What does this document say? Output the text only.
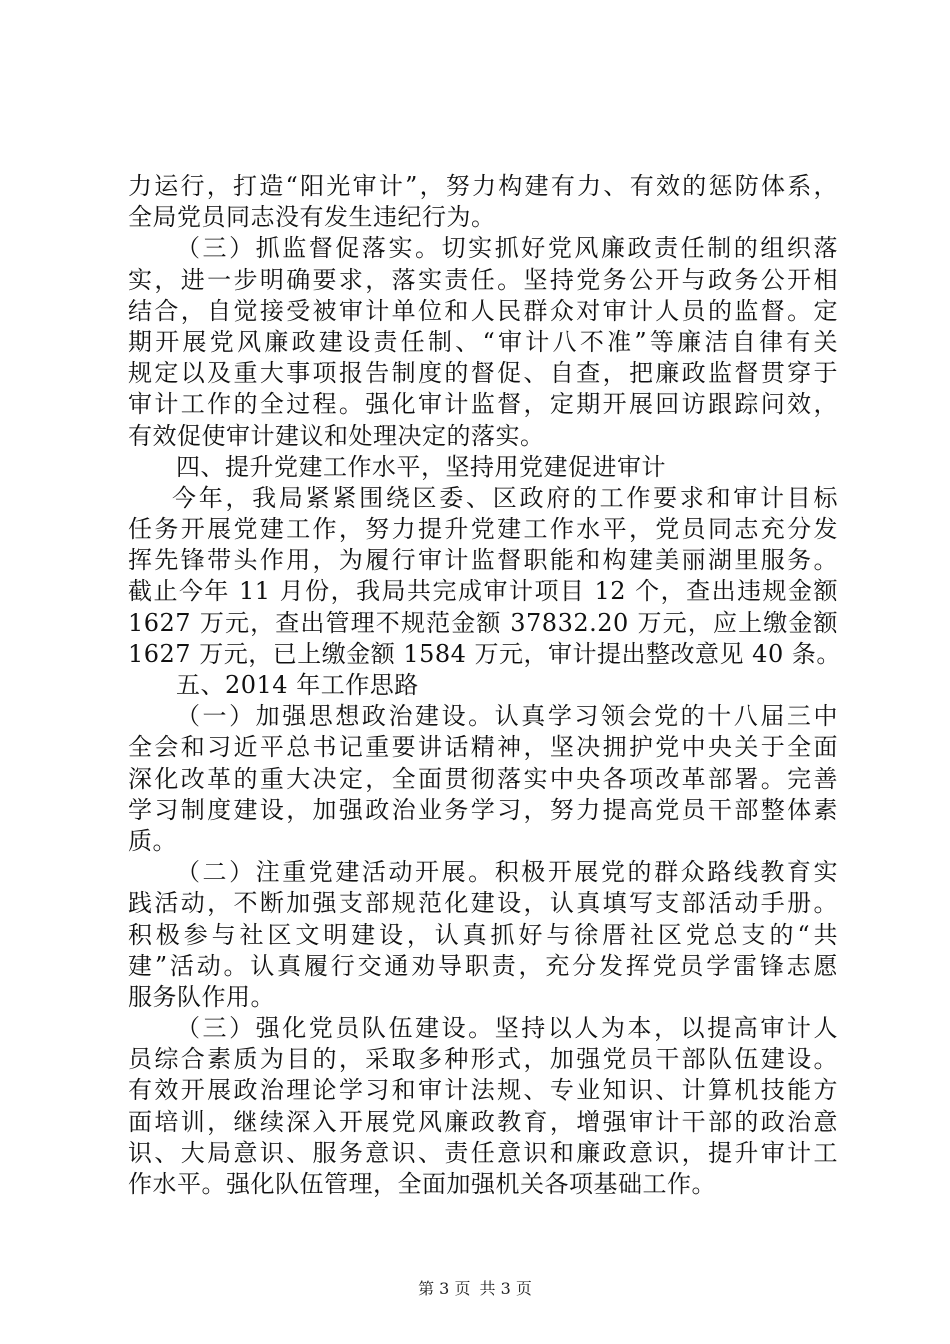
力运行，打造“阳光审计”，努力构建有力、有效的惩防体系，
全局党员同志没有发生违纪行为。
（三）抓监督促落实。切实抓好党风廉政责任制的组织落
实，进一步明确要求，落实责任。坚持党务公开与政务公开相
结合，自觉接受被审计单位和人民群众对审计人员的监督。定
期开展党风廉政建设责任制、“审计八不准”等廉洁自律有关
规定以及重大事项报告制度的督促、自查，把廉政监督贯穿于
审计工作的全过程。强化审计监督，定期开展回访跟踪问效，
有效促使审计建议和处理决定的落实。
四、提升党建工作水平，坚持用党建促进审计
今年，我局紧紧围绕区委、区政府的工作要求和审计目标
任务开展党建工作，努力提升党建工作水平，党员同志充分发
挥先锋带头作用，为履行审计监督职能和构建美丽湖里服务。
截止今年 11 月份，我局共完成审计项目 12 个，查出违规金额
1627 万元，查出管理不规范金额 37832.20 万元，应上缴金额
1627 万元，已上缴金额 1584 万元，审计提出整改意见 40 条。
五、2014 年工作思路
（一）加强思想政治建设。认真学习领会党的十八届三中
全会和习近平总书记重要讲话精神，坚决拥护党中央关于全面
深化改革的重大决定，全面贯彻落实中央各项改革部署。完善
学习制度建设，加强政治业务学习，努力提高党员干部整体素
质。
（二）注重党建活动开展。积极开展党的群众路线教育实
践活动，不断加强支部规范化建设，认真填写支部活动手册。
积极参与社区文明建设，认真抓好与徐厝社区党总支的“共
建”活动。认真履行交通劝导职责，充分发挥党员学雷锋志愿
服务队作用。
（三）强化党员队伍建设。坚持以人为本，以提高审计人
员综合素质为目的，采取多种形式，加强党员干部队伍建设。
有效开展政治理论学习和审计法规、专业知识、计算机技能方
面培训，继续深入开展党风廉政教育，增强审计干部的政治意
识、大局意识、服务意识、责任意识和廉政意识，提升审计工
作水平。强化队伍管理，全面加强机关各项基础工作。
第 3 页 共 3 页
